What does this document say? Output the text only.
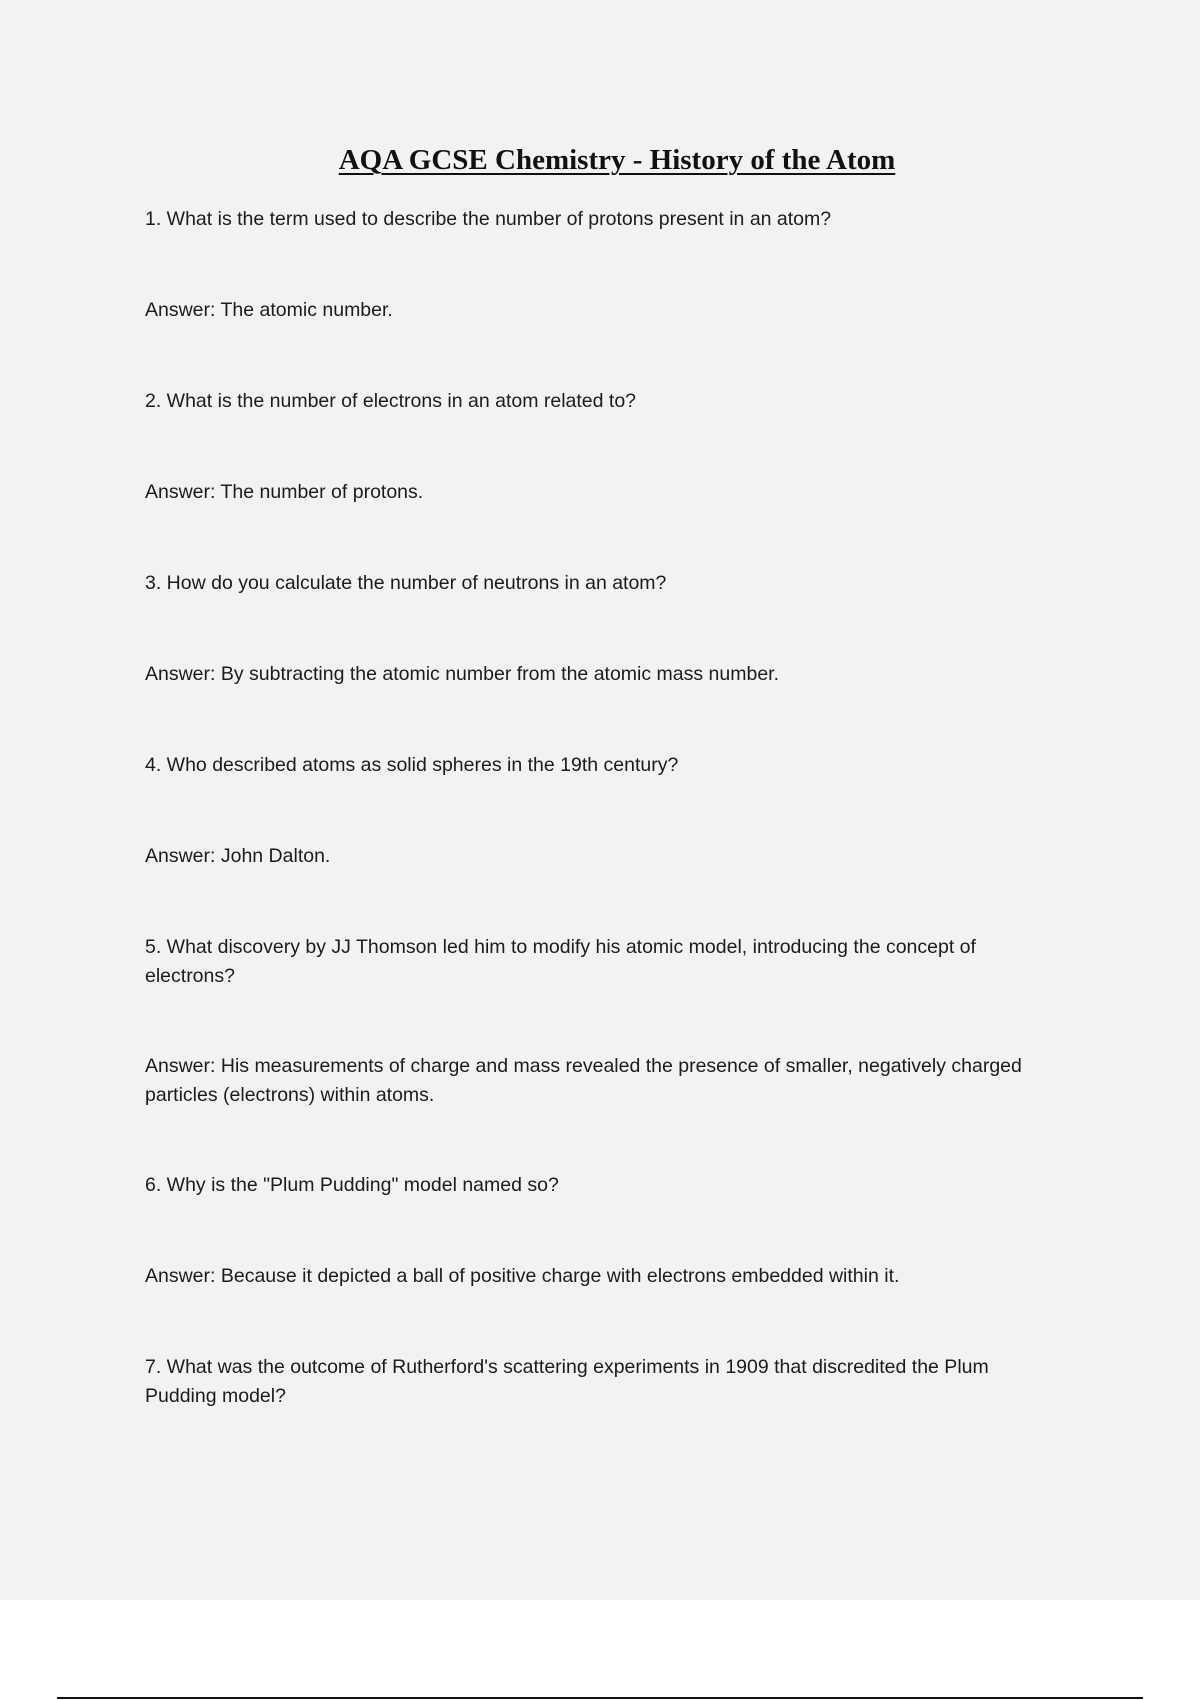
AQA GCSE Chemistry - History of the Atom

1. What is the term used to describe the number of protons present in an atom?

Answer: The atomic number.

2. What is the number of electrons in an atom related to?

Answer: The number of protons.

3. How do you calculate the number of neutrons in an atom?

Answer: By subtracting the atomic number from the atomic mass number.

4. Who described atoms as solid spheres in the 19th century?

Answer: John Dalton.

5. What discovery by JJ Thomson led him to modify his atomic model, introducing the concept of electrons?

Answer: His measurements of charge and mass revealed the presence of smaller, negatively charged particles (electrons) within atoms.

6. Why is the "Plum Pudding" model named so?

Answer: Because it depicted a ball of positive charge with electrons embedded within it.

7. What was the outcome of Rutherford's scattering experiments in 1909 that discredited the Plum Pudding model?
